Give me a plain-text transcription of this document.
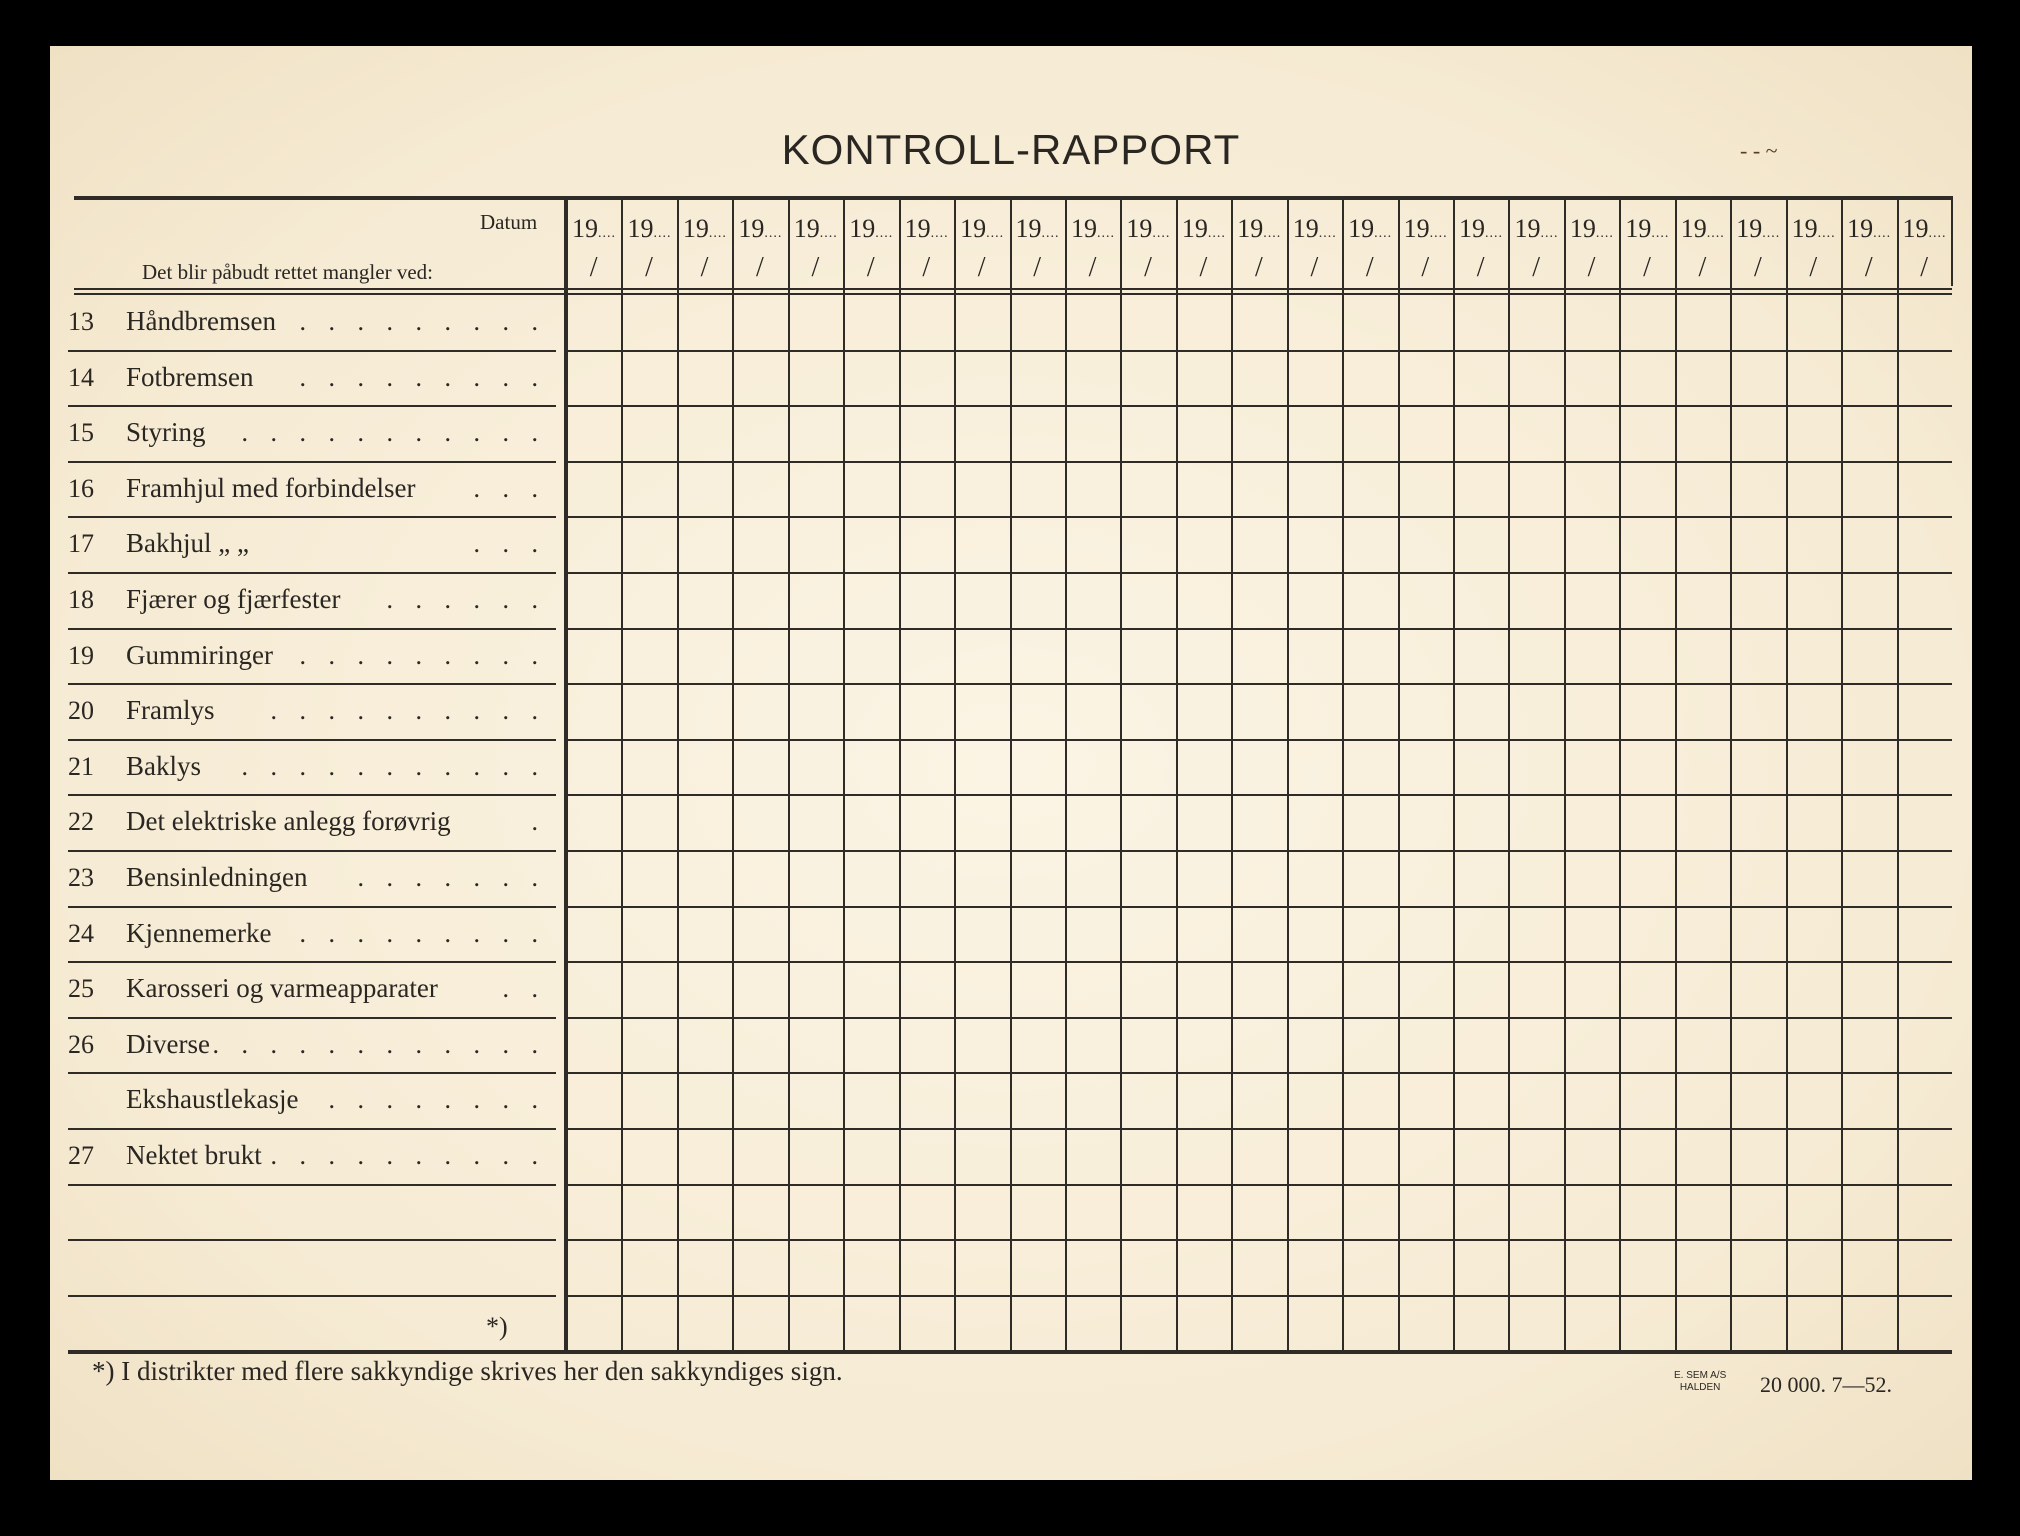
KONTROLL-RAPPORT	- - ~
Datum
Det blir påbudt rettet mangler ved:
19....
/
19....
/
19....
/
19....
/
19....
/
19....
/
19....
/
19....
/
19....
/
19....
/
19....
/
19....
/
19....
/
19....
/
19....
/
19....
/
19....
/
19....
/
19....
/
19....
/
19....
/
19....
/
19....
/
19....
/
19....
/
13 Håndbremsen . . . . . . . . .
14 Fotbremsen . . . . . . . . .
15 Styring . . . . . . . . . . .
16 Framhjul med forbindelser . . .
17 Bakhjul „ „	. . .
18 Fjærer og fjærfester . . . . . .
19 Gummiringer . . . . . . . . .
20 Framlys . . . . . . . . . .
21 Baklys . . . . . . . . . . .
22 Det elektriske anlegg forøvrig	.
23 Bensinledningen . . . . . . .
24 Kjennemerke . . . . . . . . .
25 Karosseri og varmeapparater . .
26 Diverse . . . . . . . . . . . .
Ekshaustlekasje . . . . . . . .
27 Nektet brukt . . . . . . . . . .
*)
*) I distrikter med flere sakkyndige skrives her den sakkyndiges sign.	E. SEM A/S
HALDEN 20 000. 7—52.
